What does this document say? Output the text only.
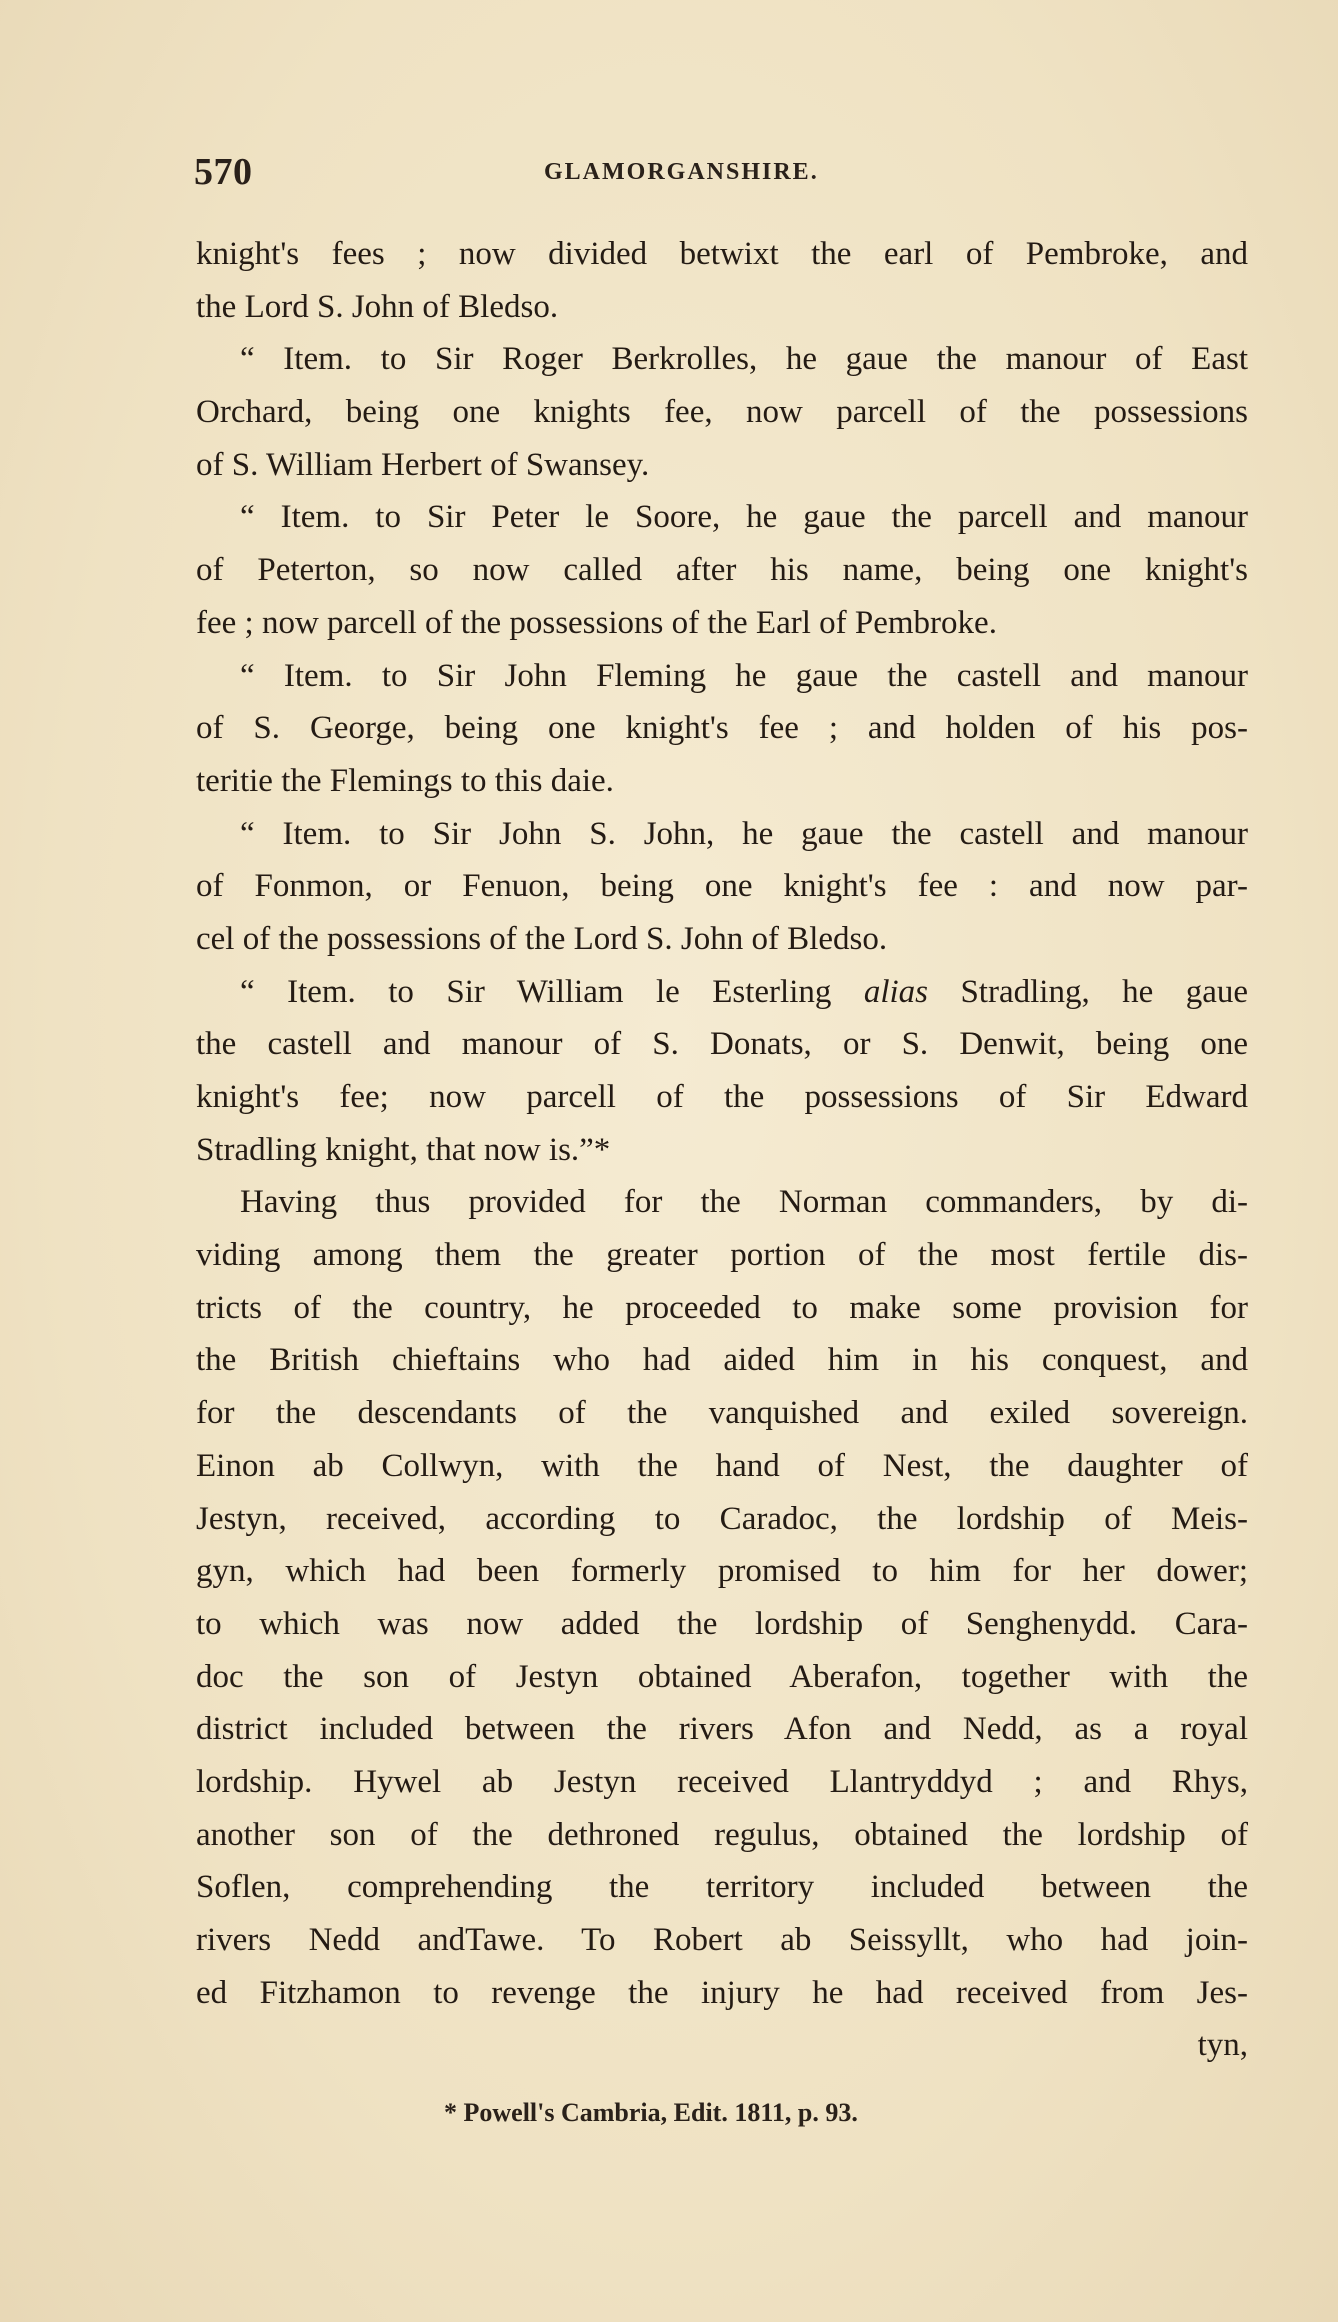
570	GLAMORGANSHIRE.
knight's fees ; now divided betwixt the earl of Pembroke, and
the Lord S. John of Bledso.
“ Item. to Sir Roger Berkrolles, he gaue the manour of East
Orchard, being one knights fee, now parcell of the possessions
of S. William Herbert of Swansey.
“ Item. to Sir Peter le Soore, he gaue the parcell and manour
of Peterton, so now called after his name, being one knight's
fee ; now parcell of the possessions of the Earl of Pembroke.
“ Item. to Sir John Fleming he gaue the castell and manour
of S. George, being one knight's fee ; and holden of his pos-
teritie the Flemings to this daie.
“ Item. to Sir John S. John, he gaue the castell and manour
of Fonmon, or Fenuon, being one knight's fee : and now par-
cel of the possessions of the Lord S. John of Bledso.
“ Item. to Sir William le Esterling alias Stradling, he gaue
the castell and manour of S. Donats, or S. Denwit, being one
knight's fee; now parcell of the possessions of Sir Edward
Stradling knight, that now is.”*
Having thus provided for the Norman commanders, by di-
viding among them the greater portion of the most fertile dis-
tricts of the country, he proceeded to make some provision for
the British chieftains who had aided him in his conquest, and
for the descendants of the vanquished and exiled sovereign.
Einon ab Collwyn, with the hand of Nest, the daughter of
Jestyn, received, according to Caradoc, the lordship of Meis-
gyn, which had been formerly promised to him for her dower;
to which was now added the lordship of Senghenydd. Cara-
doc the son of Jestyn obtained Aberafon, together with the
district included between the rivers Afon and Nedd, as a royal
lordship. Hywel ab Jestyn received Llantryddyd ; and Rhys,
another son of the dethroned regulus, obtained the lordship of
Soflen, comprehending the territory included between the
rivers Nedd andTawe. To Robert ab Seissyllt, who had join-
ed Fitzhamon to revenge the injury he had received from Jes-
tyn,
* Powell's Cambria, Edit. 1811, p. 93.
